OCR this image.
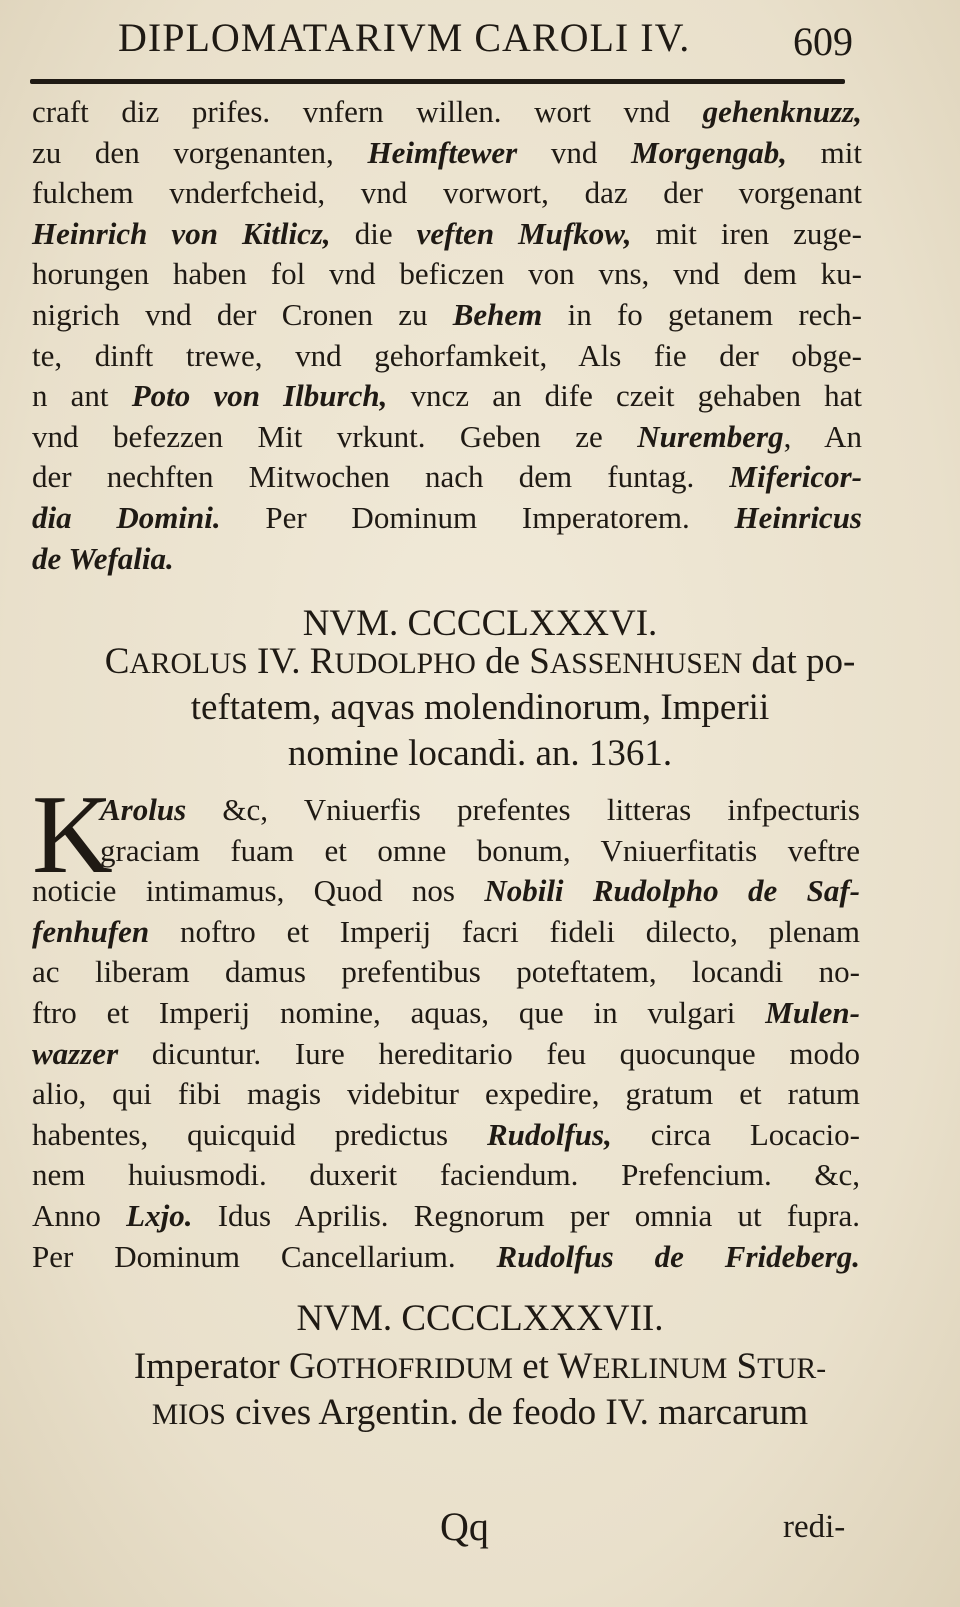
DIPLOMATARIVM CAROLI IV.	609
craft diz prifes. vnfern willen. wort vnd gehenknuzz,
zu den vorgenanten, Heimftewer vnd Morgengab, mit
fulchem vnderfcheid, vnd vorwort, daz der vorgenant
Heinrich von Kitlicz, die veften Mufkow, mit iren zuge-
horungen haben fol vnd beficzen von vns, vnd dem ku-
nigrich vnd der Cronen zu Behem in fo getanem rech-
te, dinft trewe, vnd gehorfamkeit, Als fie der obge-
n ant Poto von Ilburch, vncz an dife czeit gehaben hat
vnd befezzen Mit vrkunt. Geben ze Nuremberg, An
der nechften Mitwochen nach dem funtag. Mifericor-
dia Domini. Per Dominum Imperatorem. Heinricus
de Wefalia.
NVM. CCCCLXXXVI.
CAROLUS IV. RUDOLPHO de SASSENHUSEN dat po-
teftatem, aqvas molendinorum, Imperii
nomine locandi. an. 1361.
K
Arolus &c, Vniuerfis prefentes litteras infpecturis
graciam fuam et omne bonum, Vniuerfitatis veftre
noticie intimamus, Quod nos Nobili Rudolpho de Saf-
fenhufen noftro et Imperij facri fideli dilecto, plenam
ac liberam damus prefentibus poteftatem, locandi no-
ftro et Imperij nomine, aquas, que in vulgari Mulen-
wazzer dicuntur. Iure hereditario feu quocunque modo
alio, qui fibi magis videbitur expedire, gratum et ratum
habentes, quicquid predictus Rudolfus, circa Locacio-
nem huiusmodi. duxerit faciendum. Prefencium. &c,
Anno Lxjo. Idus Aprilis. Regnorum per omnia ut fupra.
Per Dominum Cancellarium. Rudolfus de Frideberg.
NVM. CCCCLXXXVII.
Imperator GOTHOFRIDUM et WERLINUM STUR-
MIOS cives Argentin. de feodo IV. marcarum
Qq	redi-
